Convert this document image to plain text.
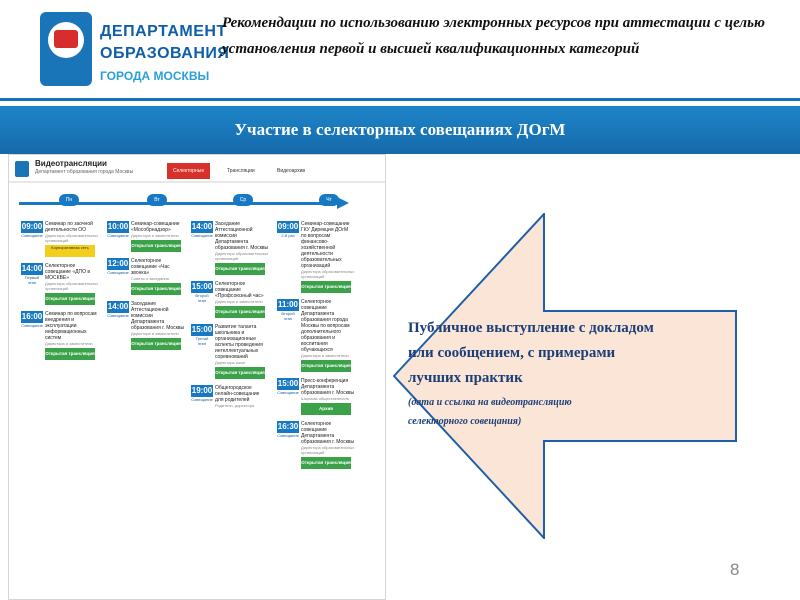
ДЕПАРТАМЕНТ
ОБРАЗОВАНИЯ
ГОРОДА МОСКВЫ
Рекомендации по использованию электронных ресурсов при аттестации с целью установления первой и высшей квалификационных категорий
Участие в селекторных совещаниях ДОгМ
Видеотрансляции
Департамент образования города Москвы	Селекторные	Трансляции	Видеоархив
Пн	Вт	Ср	Чт
09:00
Совещание
Семинар по заочной деятельности ОО
Директора образовательных организаций
Корпоративная сеть
14:00
Первый этап
Селекторное совещание «ДПО в МОСКВЕ»
Директора образовательных организаций
Открытая трансляция
16:00
Совещание
Семинар по вопросам внедрения и эксплуатации информационных систем
Директора и заместители
Открытая трансляция
10:00
Совещание
Семинар-совещание «Мособрнадзор»
Директора и заместители
Открытая трансляция
12:00
Совещание
Селекторное совещание «Час звонка»
Советы и заседания
Открытая трансляция
14:00
Совещание
Заседание Аттестационной комиссии Департамента образования г. Москвы
Директора и заместители
Открытая трансляция
14:00
Совещание
Заседание Аттестационной комиссии Департамента образования г. Москвы
Директора образовательных организаций
Открытая трансляция
15:00
Второй этап
Селекторное совещание «Профсоюзный час»
Директора и заместители
Открытая трансляция
15:00
Третий этап
Развитие таланта школьника и организационные аспекты проведения интеллектуальных соревнований
Директора школ
Открытая трансляция
19:00
Совещание
Общегородское онлайн-совещание для родителей
Родители, директора
09:00
2-й раз
Семинар-совещание ГКУ Дирекция ДОгМ по вопросам финансово-хозяйственной деятельности образовательных организаций
Директора образовательных организаций
Открытая трансляция
11:00
Второй этап
Селекторное совещание Департамента образования города Москвы по вопросам дополнительного образования и воспитания обучающихся
Директора и заместители
Открытая трансляция
15:00
Совещание
Пресс-конференция Департамента образования г. Москвы
Широкая общественность
Архив
16:30
Совещание
Селекторное совещание Департамента образования г. Москвы
Директора образовательных организаций
Открытая трансляция
Публичное выступление с докладом
или сообщением, с примерами
лучших практик
(дата и ссылка на видеотрансляцию
селекторного совещания)
8
